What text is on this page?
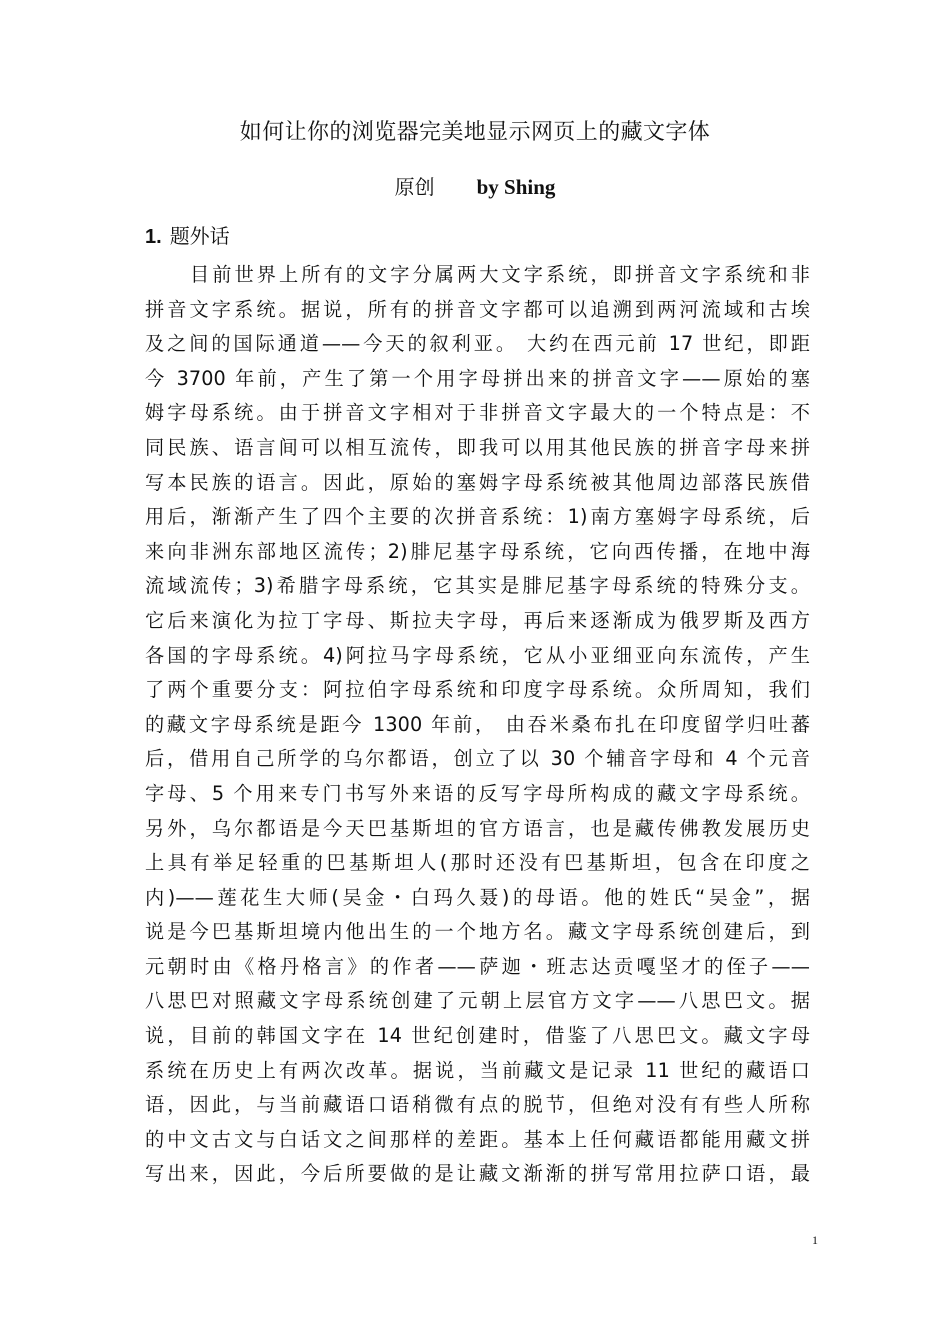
如何让你的浏览器完美地显示网页上的藏文字体
原创 by Shing
1. 题外话
目前世界上所有的文字分属两大文字系统，即拼音文字系统和非
拼音文字系统。据说，所有的拼音文字都可以追溯到两河流域和古埃
及之间的国际通道——今天的叙利亚。 大约在西元前 17 世纪，即距
今 3700 年前，产生了第一个用字母拼出来的拼音文字——原始的塞
姆字母系统。由于拼音文字相对于非拼音文字最大的一个特点是：不
同民族、语言间可以相互流传，即我可以用其他民族的拼音字母来拼
写本民族的语言。因此，原始的塞姆字母系统被其他周边部落民族借
用后，渐渐产生了四个主要的次拼音系统：1)南方塞姆字母系统，后
来向非洲东部地区流传；2)腓尼基字母系统，它向西传播，在地中海
流域流传；3)希腊字母系统，它其实是腓尼基字母系统的特殊分支。
它后来演化为拉丁字母、斯拉夫字母，再后来逐渐成为俄罗斯及西方
各国的字母系统。4)阿拉马字母系统，它从小亚细亚向东流传，产生
了两个重要分支：阿拉伯字母系统和印度字母系统。众所周知，我们
的藏文字母系统是距今 1300 年前， 由吞米桑布扎在印度留学归吐蕃
后，借用自己所学的乌尔都语，创立了以 30 个辅音字母和 4 个元音
字母、5 个用来专门书写外来语的反写字母所构成的藏文字母系统。
另外，乌尔都语是今天巴基斯坦的官方语言，也是藏传佛教发展历史
上具有举足轻重的巴基斯坦人(那时还没有巴基斯坦，包含在印度之
内)——莲花生大师(吴金・白玛久聂)的母语。他的姓氏“吴金”，据
说是今巴基斯坦境内他出生的一个地方名。藏文字母系统创建后，到
元朝时由《格丹格言》的作者——萨迦・班志达贡嘎坚才的侄子——
八思巴对照藏文字母系统创建了元朝上层官方文字——八思巴文。据
说，目前的韩国文字在 14 世纪创建时，借鉴了八思巴文。藏文字母
系统在历史上有两次改革。据说，当前藏文是记录 11 世纪的藏语口
语，因此，与当前藏语口语稍微有点的脱节，但绝对没有有些人所称
的中文古文与白话文之间那样的差距。基本上任何藏语都能用藏文拼
写出来，因此，今后所要做的是让藏文渐渐的拼写常用拉萨口语，最
1
